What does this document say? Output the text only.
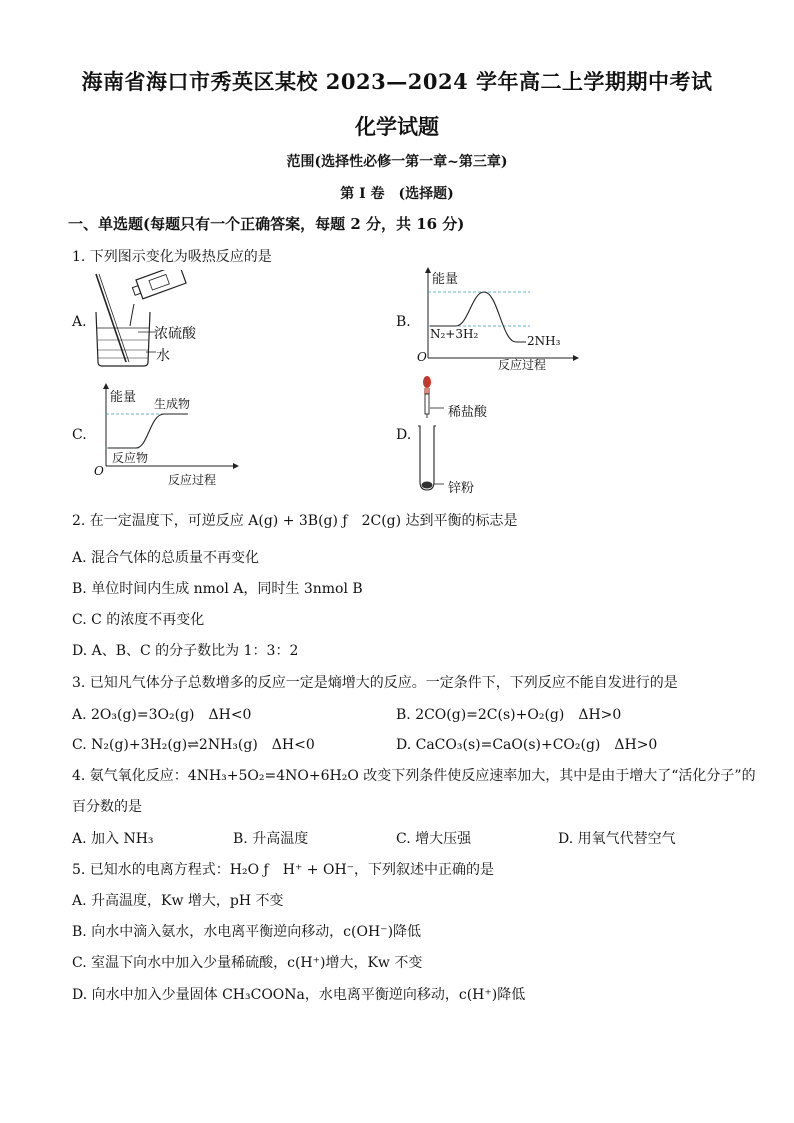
海南省海口市秀英区某校 2023—2024 学年高二上学期期中考试
化学试题
范围(选择性必修一第一章~第三章)
第 I 卷　(选择题)
一、单选题(每题只有一个正确答案，每题 2 分，共 16 分)
1. 下列图示变化为吸热反应的是
A.
浓硫酸
水
B.
能量
N₂+3H₂	2NH₃
O
反应过程
C.
能量 生成物
反应物
O
反应过程
D.
稀盐酸
锌粉
2. 在一定温度下，可逆反应 A(g) + 3B(g) ƒ　2C(g) 达到平衡的标志是
A. 混合气体的总质量不再变化
B. 单位时间内生成 nmol A，同时生 3nmol B
C. C 的浓度不再变化
D. A、B、C 的分子数比为 1：3：2
3. 已知凡气体分子总数增多的反应一定是熵增大的反应。一定条件下，下列反应不能自发进行的是
A. 2O₃(g)=3O₂(g)　ΔH<0	B. 2CO(g)=2C(s)+O₂(g)　ΔH>0
C. N₂(g)+3H₂(g)⇌2NH₃(g)　ΔH<0	D. CaCO₃(s)=CaO(s)+CO₂(g)　ΔH>0
4. 氨气氧化反应：4NH₃+5O₂=4NO+6H₂O 改变下列条件使反应速率加大，其中是由于增大了“活化分子”的
百分数的是
A. 加入 NH₃	B. 升高温度	C. 增大压强	D. 用氧气代替空气
5. 已知水的电离方程式：H₂O ƒ　H⁺ + OH⁻，下列叙述中正确的是
A. 升高温度，Kw 增大，pH 不变
B. 向水中滴入氨水，水电离平衡逆向移动，c(OH⁻)降低
C. 室温下向水中加入少量稀硫酸，c(H⁺)增大，Kw 不变
D. 向水中加入少量固体 CH₃COONa，水电离平衡逆向移动，c(H⁺)降低
